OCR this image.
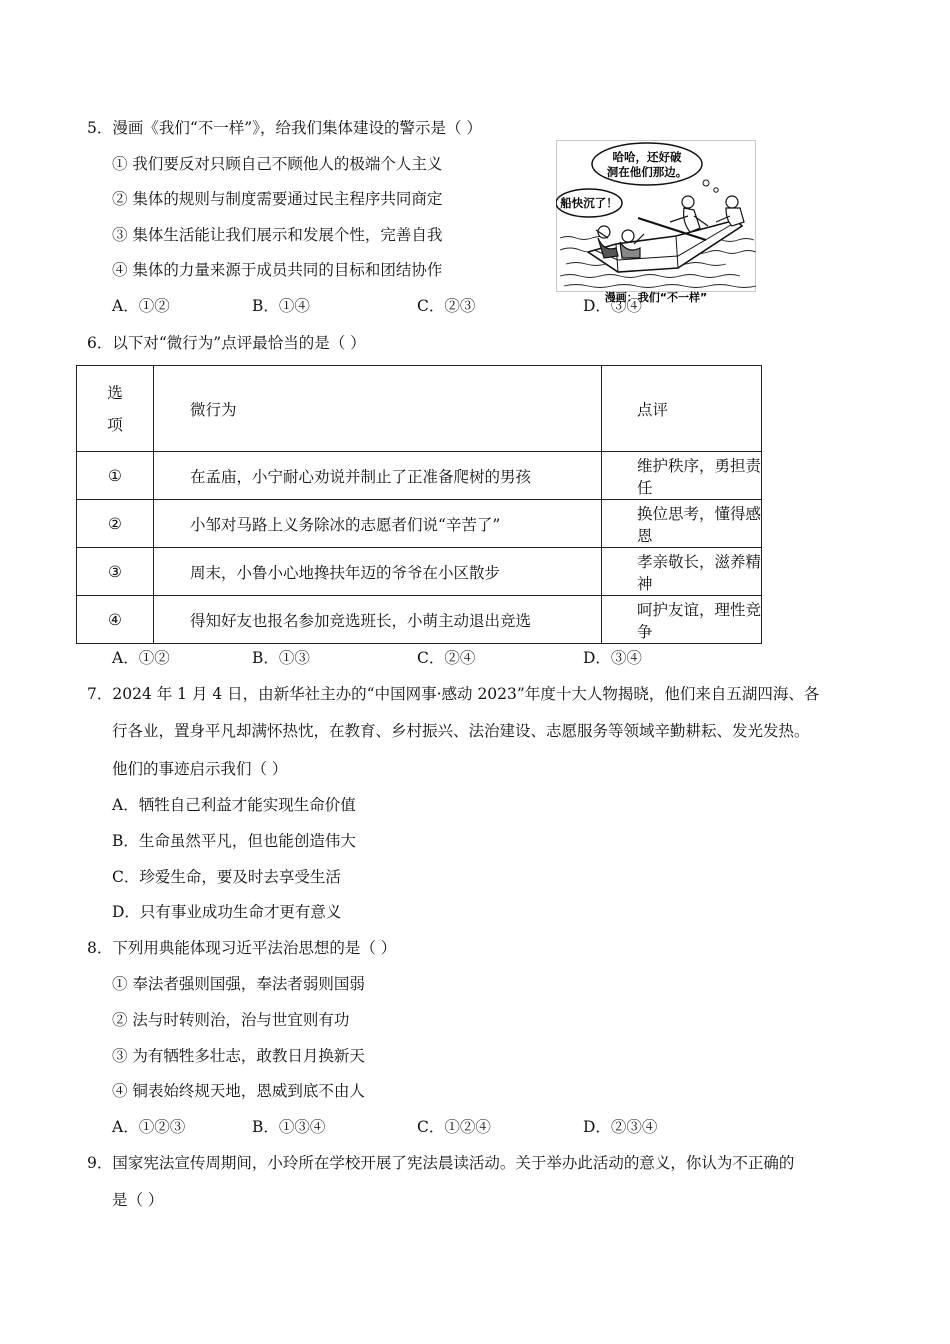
5．漫画《我们“不一样”》，给我们集体建设的警示是（ ）
① 我们要反对只顾自己不顾他人的极端个人主义
② 集体的规则与制度需要通过民主程序共同商定
③ 集体生活能让我们展示和发展个性，完善自我
④ 集体的力量来源于成员共同的目标和团结协作
A．①②	B．①④	C．②③	D．③④
哈哈，还好破
洞在他们那边。
船快沉了！
漫画：我们“不一样”
6．以下对“微行为”点评最恰当的是（ ）
选
项	微行为	点评
①	在孟庙，小宁耐心劝说并制止了正准备爬树的男孩	维护秩序，勇担责任
②	小邹对马路上义务除冰的志愿者们说“辛苦了”	换位思考，懂得感恩
③	周末，小鲁小心地搀扶年迈的爷爷在小区散步	孝亲敬长，滋养精神
④	得知好友也报名参加竞选班长，小萌主动退出竞选	呵护友谊，理性竞争
A．①②	B．①③	C．②④	D．③④
7．2024 年 1 月 4 日，由新华社主办的“中国网事·感动 2023”年度十大人物揭晓，他们来自五湖四海、各
行各业，置身平凡却满怀热忱，在教育、乡村振兴、法治建设、志愿服务等领域辛勤耕耘、发光发热。
他们的事迹启示我们（ ）
A．牺牲自己利益才能实现生命价值
B．生命虽然平凡，但也能创造伟大
C．珍爱生命，要及时去享受生活
D．只有事业成功生命才更有意义
8．下列用典能体现习近平法治思想的是（ ）
① 奉法者强则国强，奉法者弱则国弱
② 法与时转则治，治与世宜则有功
③ 为有牺牲多壮志，敢教日月换新天
④ 铜表始终规天地，恩威到底不由人
A．①②③	B．①③④	C．①②④	D．②③④
9．国家宪法宣传周期间，小玲所在学校开展了宪法晨读活动。关于举办此活动的意义，你认为不正确的
是（ ）
